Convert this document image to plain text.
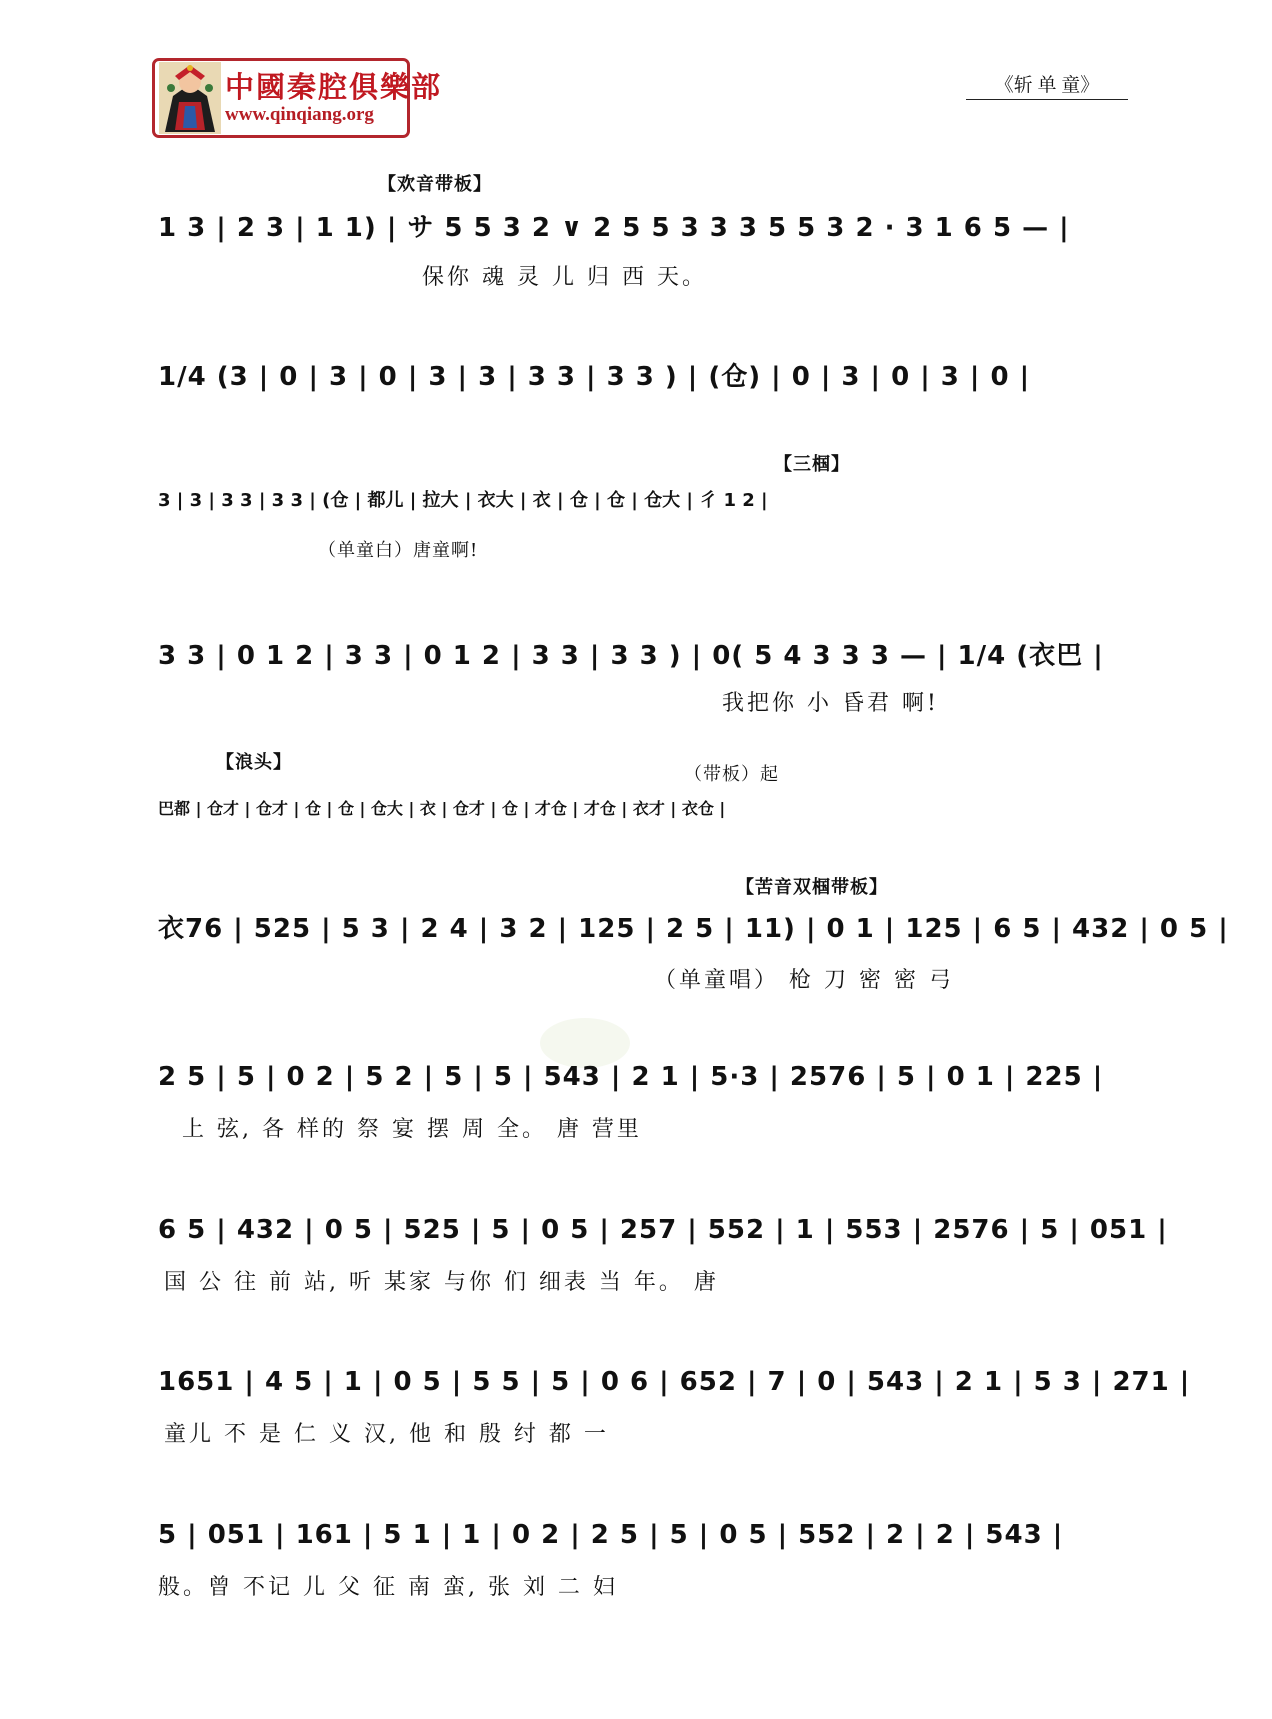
中國秦腔俱樂部
www.qinqiang.org
《斩 单 童》
【欢音带板】
1 3 | 2 3 | 1 1) | サ 5 5 3 2 ∨ 2 5 5 3 3 3 5 5 3 2 · 3 1 6 5 — |
保你 魂 灵 儿 归 西 天。
1/4 (3 | 0 | 3 | 0 | 3 | 3 | 3 3 | 3 3 ) | (仓) | 0 | 3 | 0 | 3 | 0 |
【三椢】
3 | 3 | 3 3 | 3 3 | (仓 | 都儿 | 拉大 | 衣大 | 衣 | 仓 | 仓 | 仓大 | 彳 1 2 |
（单童白）唐童啊!
3 3 | 0 1 2 | 3 3 | 0 1 2 | 3 3 | 3 3 ) | 0( 5 4 3 3 3 — | 1/4 (衣巴 |
我把你 小 昏君 啊!
【浪头】
（带板）起
巴都 | 仓才 | 仓才 | 仓 | 仓 | 仓大 | 衣 | 仓才 | 仓 | 才仓 | 才仓 | 衣才 | 衣仓 |
【苦音双椢带板】
衣76 | 525 | 5 3 | 2 4 | 3 2 | 125 | 2 5 | 11) | 0 1 | 125 | 6 5 | 432 | 0 5 |
（单童唱） 枪 刀 密 密 弓
2 5 | 5 | 0 2 | 5 2 | 5 | 5 | 543 | 2 1 | 5·3 | 2576 | 5 | 0 1 | 225 |
上 弦, 各 样的 祭 宴 摆 周 全。 唐 营里
6 5 | 432 | 0 5 | 525 | 5 | 0 5 | 257 | 552 | 1 | 553 | 2576 | 5 | 051 |
国 公 往 前 站, 听 某家 与你 们 细表 当 年。 唐
1651 | 4 5 | 1 | 0 5 | 5 5 | 5 | 0 6 | 652 | 7 | 0 | 543 | 2 1 | 5 3 | 271 |
童儿 不 是 仁 义 汉, 他 和 殷 纣 都 一
5 | 051 | 161 | 5 1 | 1 | 0 2 | 2 5 | 5 | 0 5 | 552 | 2 | 2 | 543 |
般。曾 不记 儿 父 征 南 蛮, 张 刘 二 妇
